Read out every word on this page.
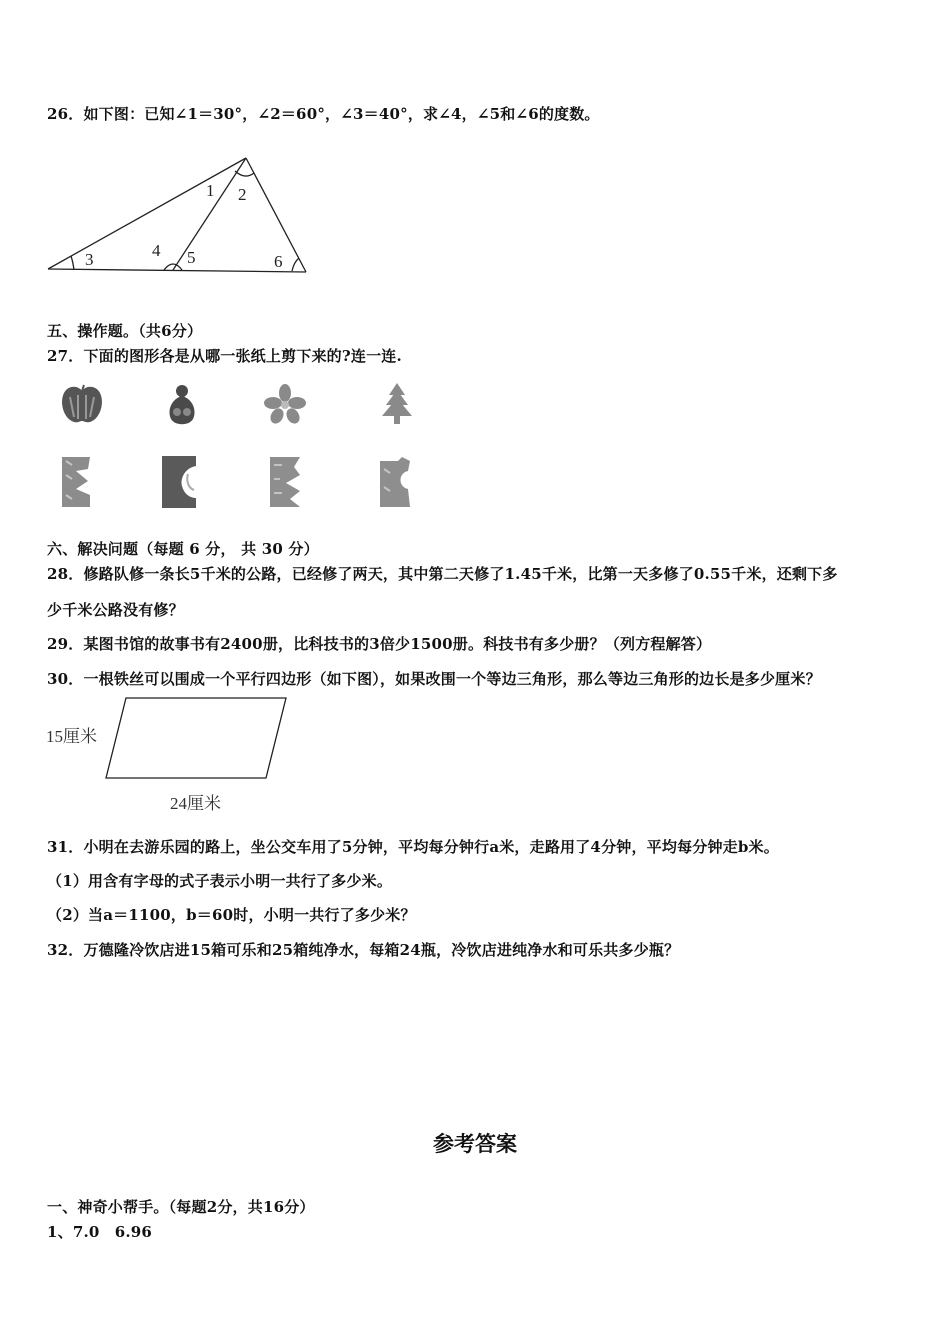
26．如下图：已知∠1＝30°，∠2＝60°，∠3＝40°，求∠4，∠5和∠6的度数。
1 2
3	4 5	6
五、操作题。（共6分）
27．下面的图形各是从哪一张纸上剪下来的?连一连.
六、解决问题（每题 6 分， 共 30 分）
28．修路队修一条长5千米的公路，已经修了两天，其中第二天修了1.45千米，比第一天多修了0.55千米，还剩下多
少千米公路没有修？
29．某图书馆的故事书有2400册，比科技书的3倍少1500册。科技书有多少册？（列方程解答）
30．一根铁丝可以围成一个平行四边形（如下图），如果改围一个等边三角形，那么等边三角形的边长是多少厘米？
15厘米
24厘米
31．小明在去游乐园的路上，坐公交车用了5分钟，平均每分钟行a米，走路用了4分钟，平均每分钟走b米。
（1）用含有字母的式子表示小明一共行了多少米。
（2）当a＝1100，b＝60时，小明一共行了多少米？
32．万德隆冷饮店进15箱可乐和25箱纯净水，每箱24瓶，冷饮店进纯净水和可乐共多少瓶？
参考答案
一、神奇小帮手。（每题2分，共16分）
1、7.0　6.96
